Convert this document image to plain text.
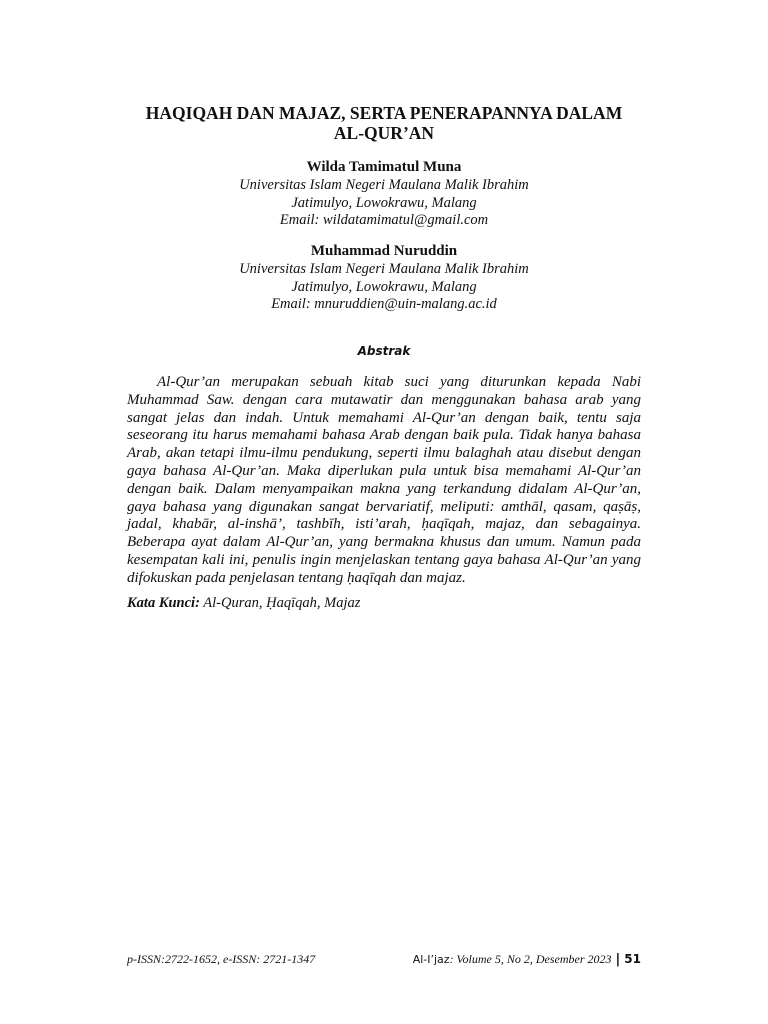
HAQIQAH DAN MAJAZ, SERTA PENERAPANNYA DALAM
AL-QUR’AN
Wilda Tamimatul Muna
Universitas Islam Negeri Maulana Malik Ibrahim
Jatimulyo, Lowokrawu, Malang
Email: wildatamimatul@gmail.com
Muhammad Nuruddin
Universitas Islam Negeri Maulana Malik Ibrahim
Jatimulyo, Lowokrawu, Malang
Email: mnuruddien@uin-malang.ac.id
Abstrak

Al-Qur’an merupakan sebuah kitab suci yang diturunkan kepada Nabi Muhammad Saw. dengan cara mutawatir dan menggunakan bahasa arab yang sangat jelas dan indah. Untuk memahami Al-Qur’an dengan baik, tentu saja seseorang itu harus memahami bahasa Arab dengan baik pula. Tidak hanya bahasa Arab, akan tetapi ilmu-ilmu pendukung, seperti ilmu balaghah atau disebut dengan gaya bahasa Al-Qur’an. Maka diperlukan pula untuk bisa memahami Al-Qur’an dengan baik. Dalam menyampaikan makna yang terkandung didalam Al-Qur’an, gaya bahasa yang digunakan sangat bervariatif, meliputi: amthāl, qasam, qaṣāṣ, jadal, khabār, al-inshā’, tashbīh, isti’arah, ḥaqīqah, majaz, dan sebagainya. Beberapa ayat dalam Al-Qur’an, yang bermakna khusus dan umum. Namun pada kesempatan kali ini, penulis ingin menjelaskan tentang gaya bahasa Al-Qur’an yang difokuskan pada penjelasan tentang ḥaqīqah dan majaz.

Kata Kunci: Al-Quran, Ḥaqīqah, Majaz
p-ISSN:2722-1652, e-ISSN: 2721-1347	Al-I’jaz: Volume 5, No 2, Desember 2023 | 51
